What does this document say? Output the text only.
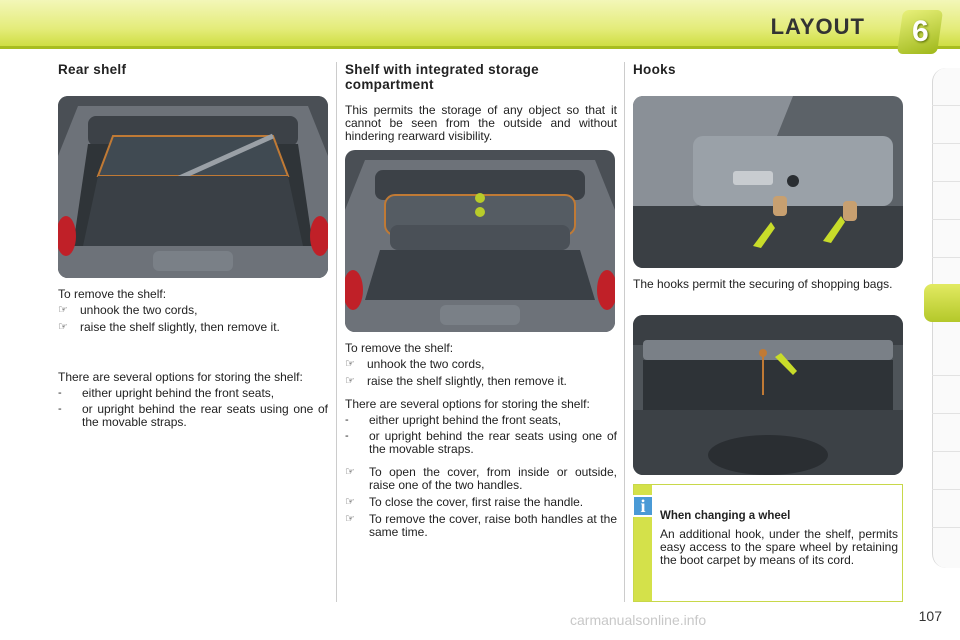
LAYOUT 6
Rear shelf

To remove the shelf:

☞ unhook the two cords,
☞ raise the shelf slightly, then remove it.

There are several options for storing the shelf:

- either upright behind the front seats,
- or upright behind the rear seats using one of the movable straps.
Shelf with integrated storage
compartment

This permits the storage of any object so that it cannot be seen from the outside and without hindering rearward visibility.

To remove the shelf:

☞ unhook the two cords,
☞ raise the shelf slightly, then remove it.

There are several options for storing the shelf:

- either upright behind the front seats,
- or upright behind the rear seats using one of the movable straps.
☞ To open the cover, from inside or outside, raise one of the two handles.
☞ To close the cover, first raise the handle.
☞ To remove the cover, raise both handles at the same time.
Hooks

The hooks permit the securing of shopping bags.

i
When changing a wheel
An additional hook, under the shelf, permits easy access to the spare wheel by retaining the boot carpet by means of its cord.
carmanualsonline.info	107
